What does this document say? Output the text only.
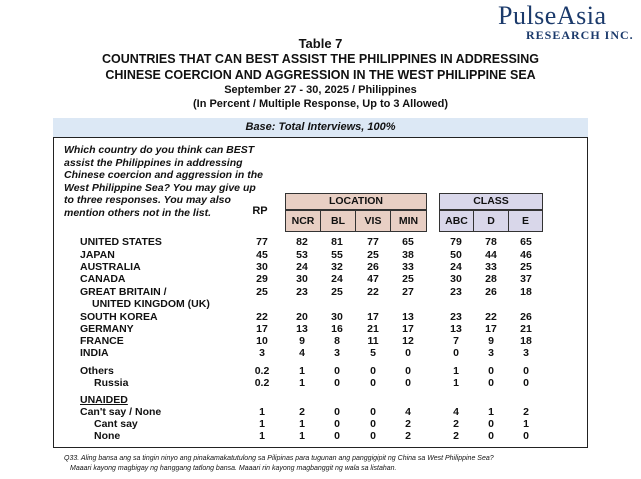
PulseAsia
RESEARCH INC.
Table 7
COUNTRIES THAT CAN BEST ASSIST THE PHILIPPINES IN ADDRESSING
CHINESE COERCION AND AGGRESSION IN THE WEST PHILIPPINE SEA
September 27 - 30, 2025 / Philippines
(In Percent / Multiple Response, Up to 3 Allowed)
Base: Total Interviews, 100%
Which country do you think can BEST assist the Philippines in addressing Chinese coercion and aggression in the West Philippine Sea? You may give up to three responses. You may also mention others not in the list.	RP
LOCATION	CLASS
NCR	BL	VIS	MIN	ABC	D	E
UNITED STATES	77	82	81	77	65	79	78	65
JAPAN	45	53	55	25	38	50	44	46
AUSTRALIA	30	24	32	26	33	24	33	25
CANADA	29	30	24	47	25	30	28	37
GREAT BRITAIN /
UNITED KINGDOM (UK)
25	23	25	22	27	23	26	18
SOUTH KOREA	22	20	30	17	13	23	22	26
GERMANY	17	13	16	21	17	13	17	21
FRANCE	10	9	8	11	12	7	9	18
INDIA	3	4	3	5	0	0	3	3
Others	0.2	1	0	0	0	1	0	0
Russia	0.2	1	0	0	0	1	0	0
UNAIDED
Can't say / None	1	2	0	0	4	4	1	2
Cant say	1	1	0	0	2	2	0	1
None	1	1	0	0	2	2	0	0
Q33. Aling bansa ang sa tingin ninyo ang pinakamakatutulong sa Pilipinas para tugunan ang panggigipit ng China sa West Philippine Sea?
Maaari kayong magbigay ng hanggang tatlong bansa. Maaari rin kayong magbanggit ng wala sa listahan.
